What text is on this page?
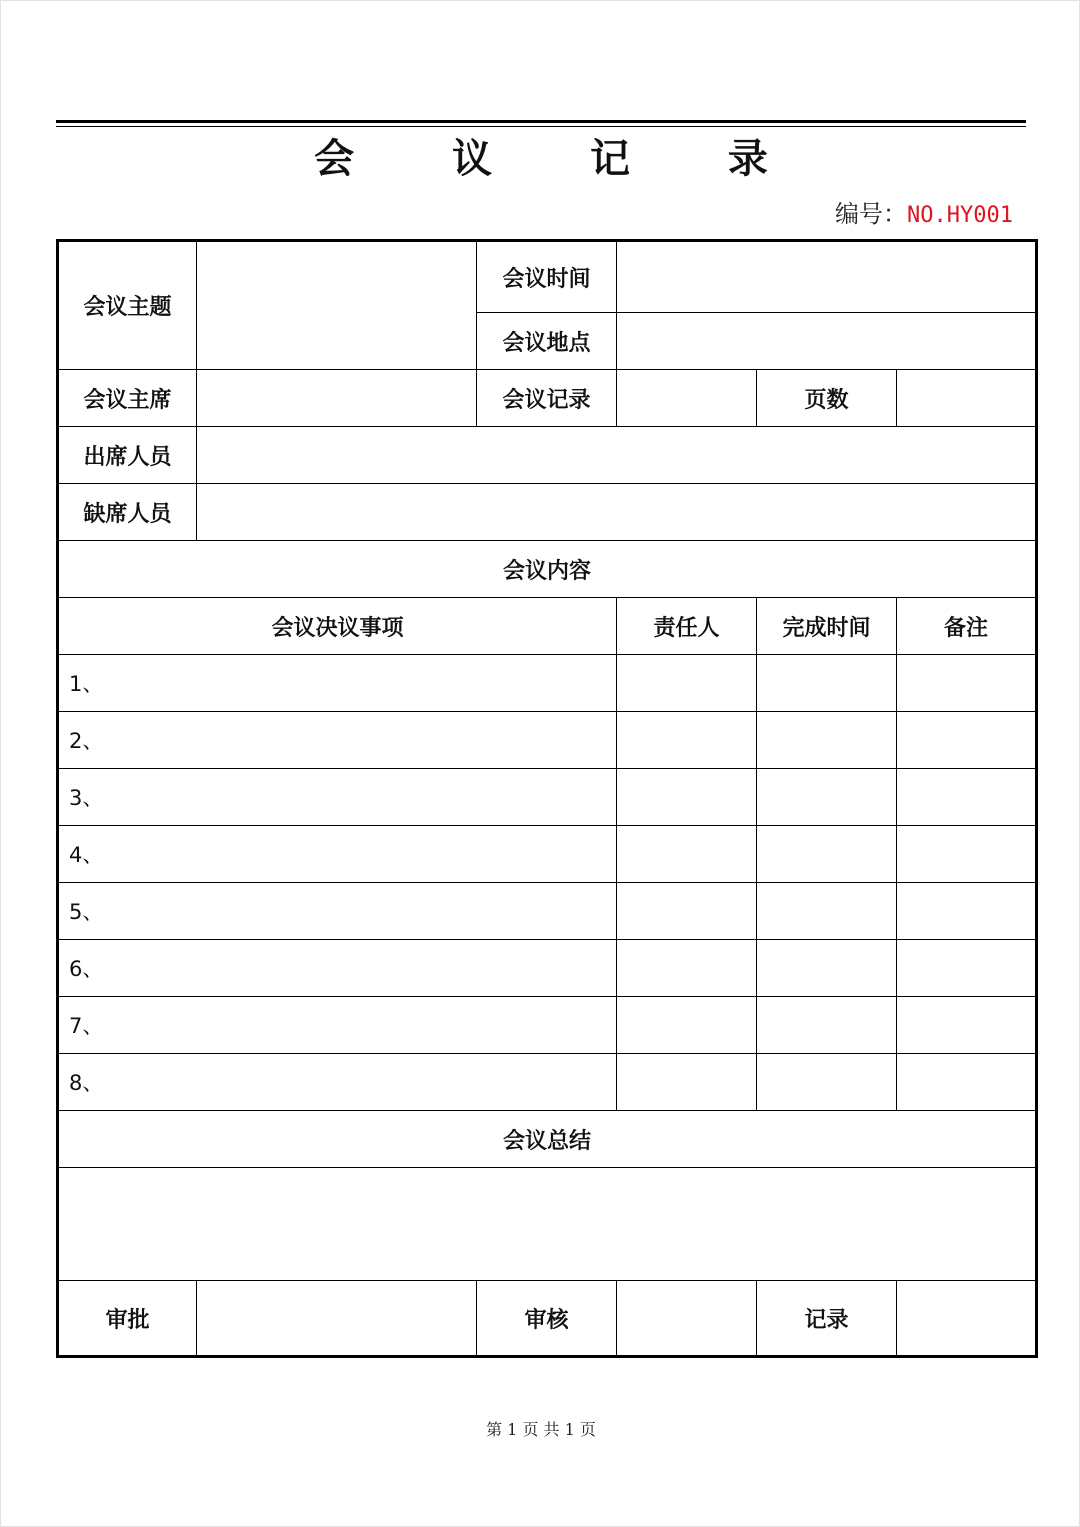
会 议 记 录
编号：NO.HY001
会议主题		会议时间			
		会议地点			
会议主席		会议记录		页数	
出席人员					
缺席人员					
会议内容					
会议决议事项			责任人	完成时间	备注
1、					
2、					
3、					
4、					
5、					
6、					
7、					
8、					
会议总结					

审批		审核		记录	
第 1 页 共 1 页
